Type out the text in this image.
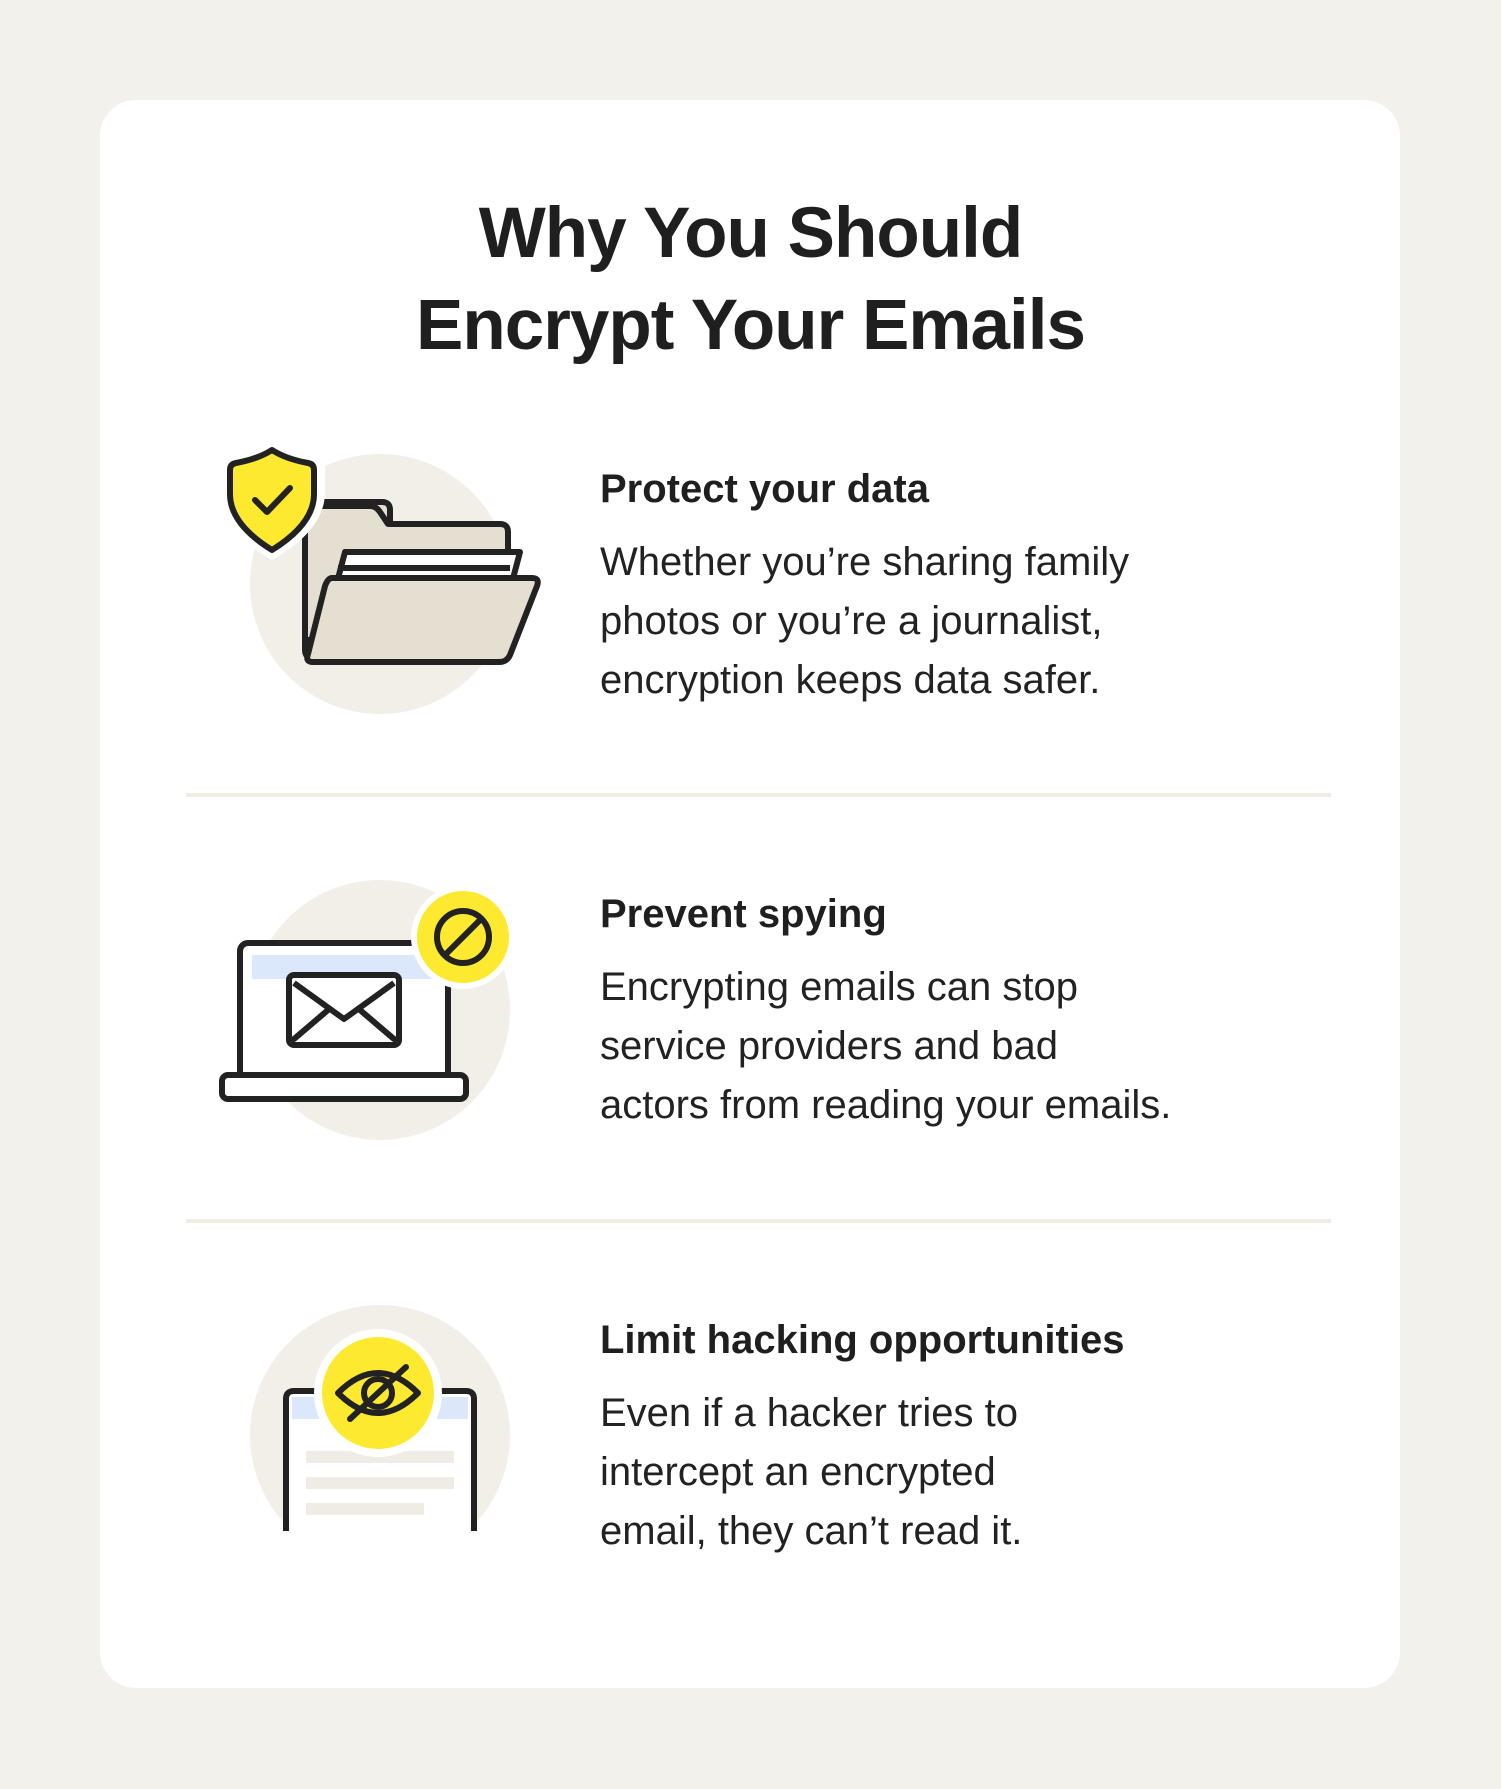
Why You Should
Encrypt Your Emails
Protect your data

Whether you’re sharing family
photos or you’re a journalist,
encryption keeps data safer.

Prevent spying

Encrypting emails can stop
service providers and bad
actors from reading your emails.

Limit hacking opportunities

Even if a hacker tries to
intercept an encrypted
email, they can’t read it.
